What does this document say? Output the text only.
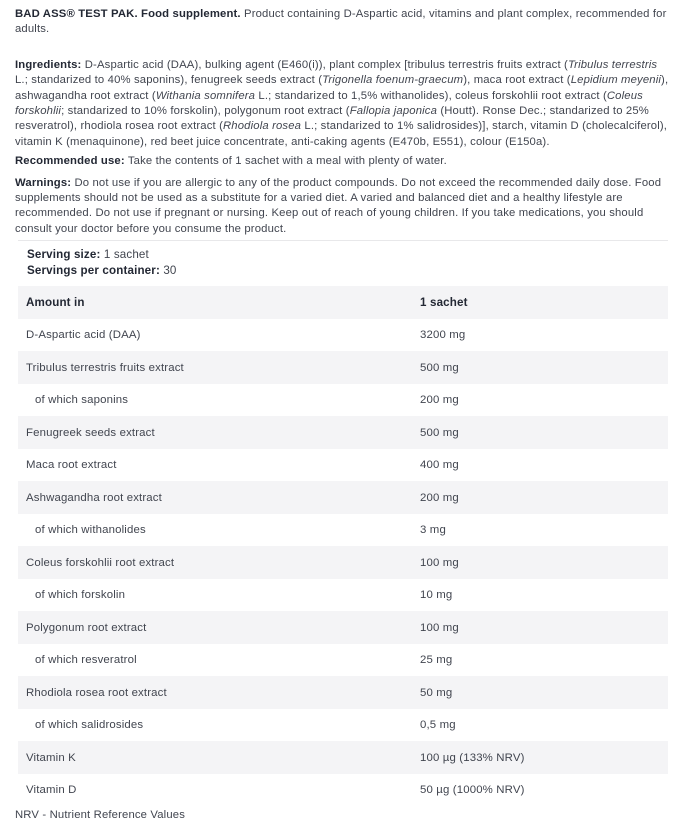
BAD ASS® TEST PAK. Food supplement. Product containing D-Aspartic acid, vitamins and plant complex, recommended for adults.

Ingredients: D-Aspartic acid (DAA), bulking agent (E460(i)), plant complex [tribulus terrestris fruits extract (Tribulus terrestris L.; standarized to 40% saponins), fenugreek seeds extract (Trigonella foenum-graecum), maca root extract (Lepidium meyenii), ashwagandha root extract (Withania somnifera L.; standarized to 1,5% withanolides), coleus forskohlii root extract (Coleus forskohlii; standarized to 10% forskolin), polygonum root extract (Fallopia japonica (Houtt). Ronse Dec.; standarized to 25% resveratrol), rhodiola rosea root extract (Rhodiola rosea L.; standarized to 1% salidrosides)], starch, vitamin D (cholecalciferol), vitamin K (menaquinone), red beet juice concentrate, anti-caking agents (E470b, E551), colour (E150a).

Recommended use: Take the contents of 1 sachet with a meal with plenty of water.

Warnings: Do not use if you are allergic to any of the product compounds. Do not exceed the recommended daily dose. Food supplements should not be used as a substitute for a varied diet. A varied and balanced diet and a healthy lifestyle are recommended. Do not use if pregnant or nursing. Keep out of reach of young children. If you take medications, you should consult your doctor before you consume the product.

Serving size: 1 sachet
Servings per container: 30
Amount in	1 sachet
D-Aspartic acid (DAA)	3200 mg
Tribulus terrestris fruits extract	500 mg
of which saponins	200 mg
Fenugreek seeds extract	500 mg
Maca root extract	400 mg
Ashwagandha root extract	200 mg
of which withanolides	3 mg
Coleus forskohlii root extract	100 mg
of which forskolin	10 mg
Polygonum root extract	100 mg
of which resveratrol	25 mg
Rhodiola rosea root extract	50 mg
of which salidrosides	0,5 mg
Vitamin K	100 µg (133% NRV)
Vitamin D	50 µg (1000% NRV)

NRV - Nutrient Reference Values
